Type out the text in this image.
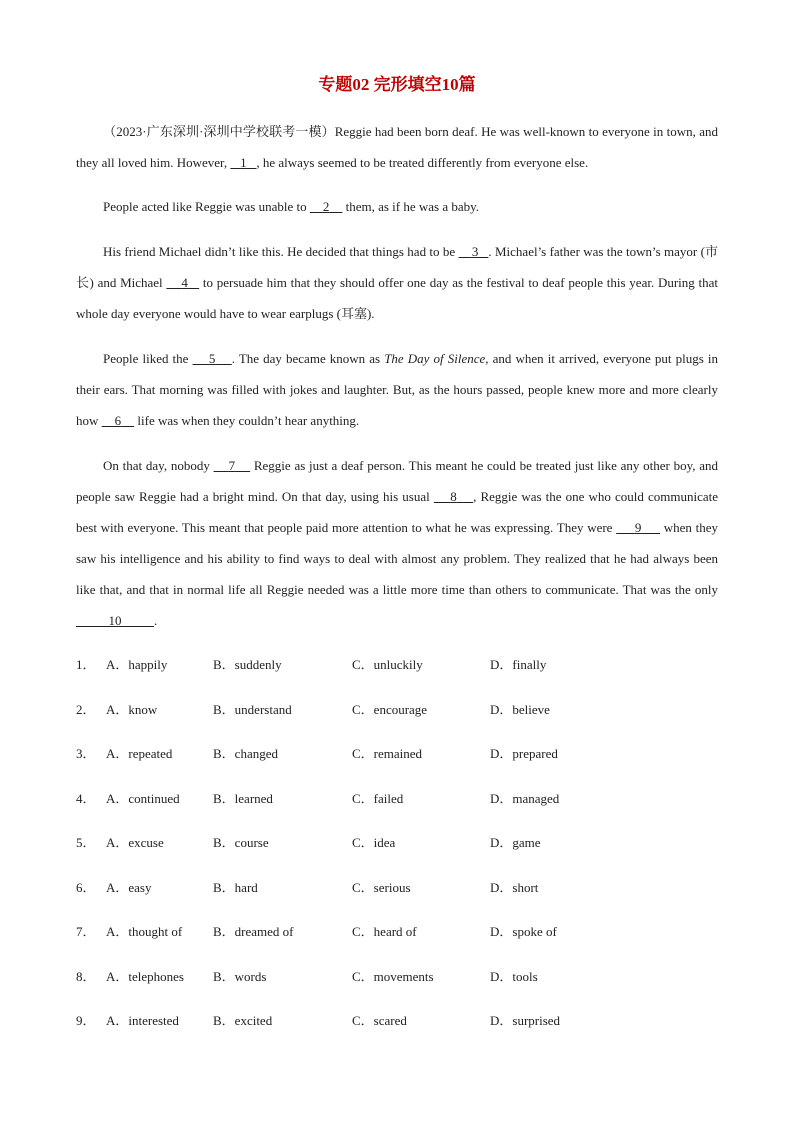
专题02 完形填空10篇

（2023·广东深圳·深圳中学校联考一模）Reggie had been born deaf. He was well-known to everyone in town, and they all loved him. However,    1 , he always seemed to be treated differently from everyone else.

People acted like Reggie was unable to     2     them, as if he was a baby.

His friend Michael didn’t like this. He decided that things had to be     3 . Michael’s father was the town’s mayor (市长) and Michael     4    to persuade him that they should offer one day as the festival to deaf people this year. During that whole day everyone would have to wear earplugs (耳塞).

People liked the     5 . The day became known as The Day of Silence, and when it arrived, everyone put plugs in their ears. That morning was filled with jokes and laughter. But, as the hours passed, people knew more and more clearly how     6     life was when they couldn’t hear anything.

On that day, nobody     7     Reggie as just a deaf person. This meant he could be treated just like any other boy, and people saw Reggie had a bright mind. On that day, using his usual     8 , Reggie was the one who could communicate best with everyone. This meant that people paid more attention to what he was expressing. They were      9      when they saw his intelligence and his ability to find ways to deal with almost any problem. They realized that he had always been like that, and that in normal life all Reggie needed was a little more time than others to communicate. That was the only           10	.

1． A．happily	B．suddenly	C．unluckily	D．finally
2． A．know	B．understand	C．encourage	D．believe
3． A．repeated	B．changed	C．remained	D．prepared
4． A．continued	B．learned	C．failed	D．managed
5． A．excuse	B．course	C．idea	D．game
6． A．easy	B．hard	C．serious	D．short
7． A．thought of B．dreamed of	C．heard of	D．spoke of
8． A．telephones B．words	C．movements	D．tools
9． A．interested	B．excited	C．scared	D．surprised
